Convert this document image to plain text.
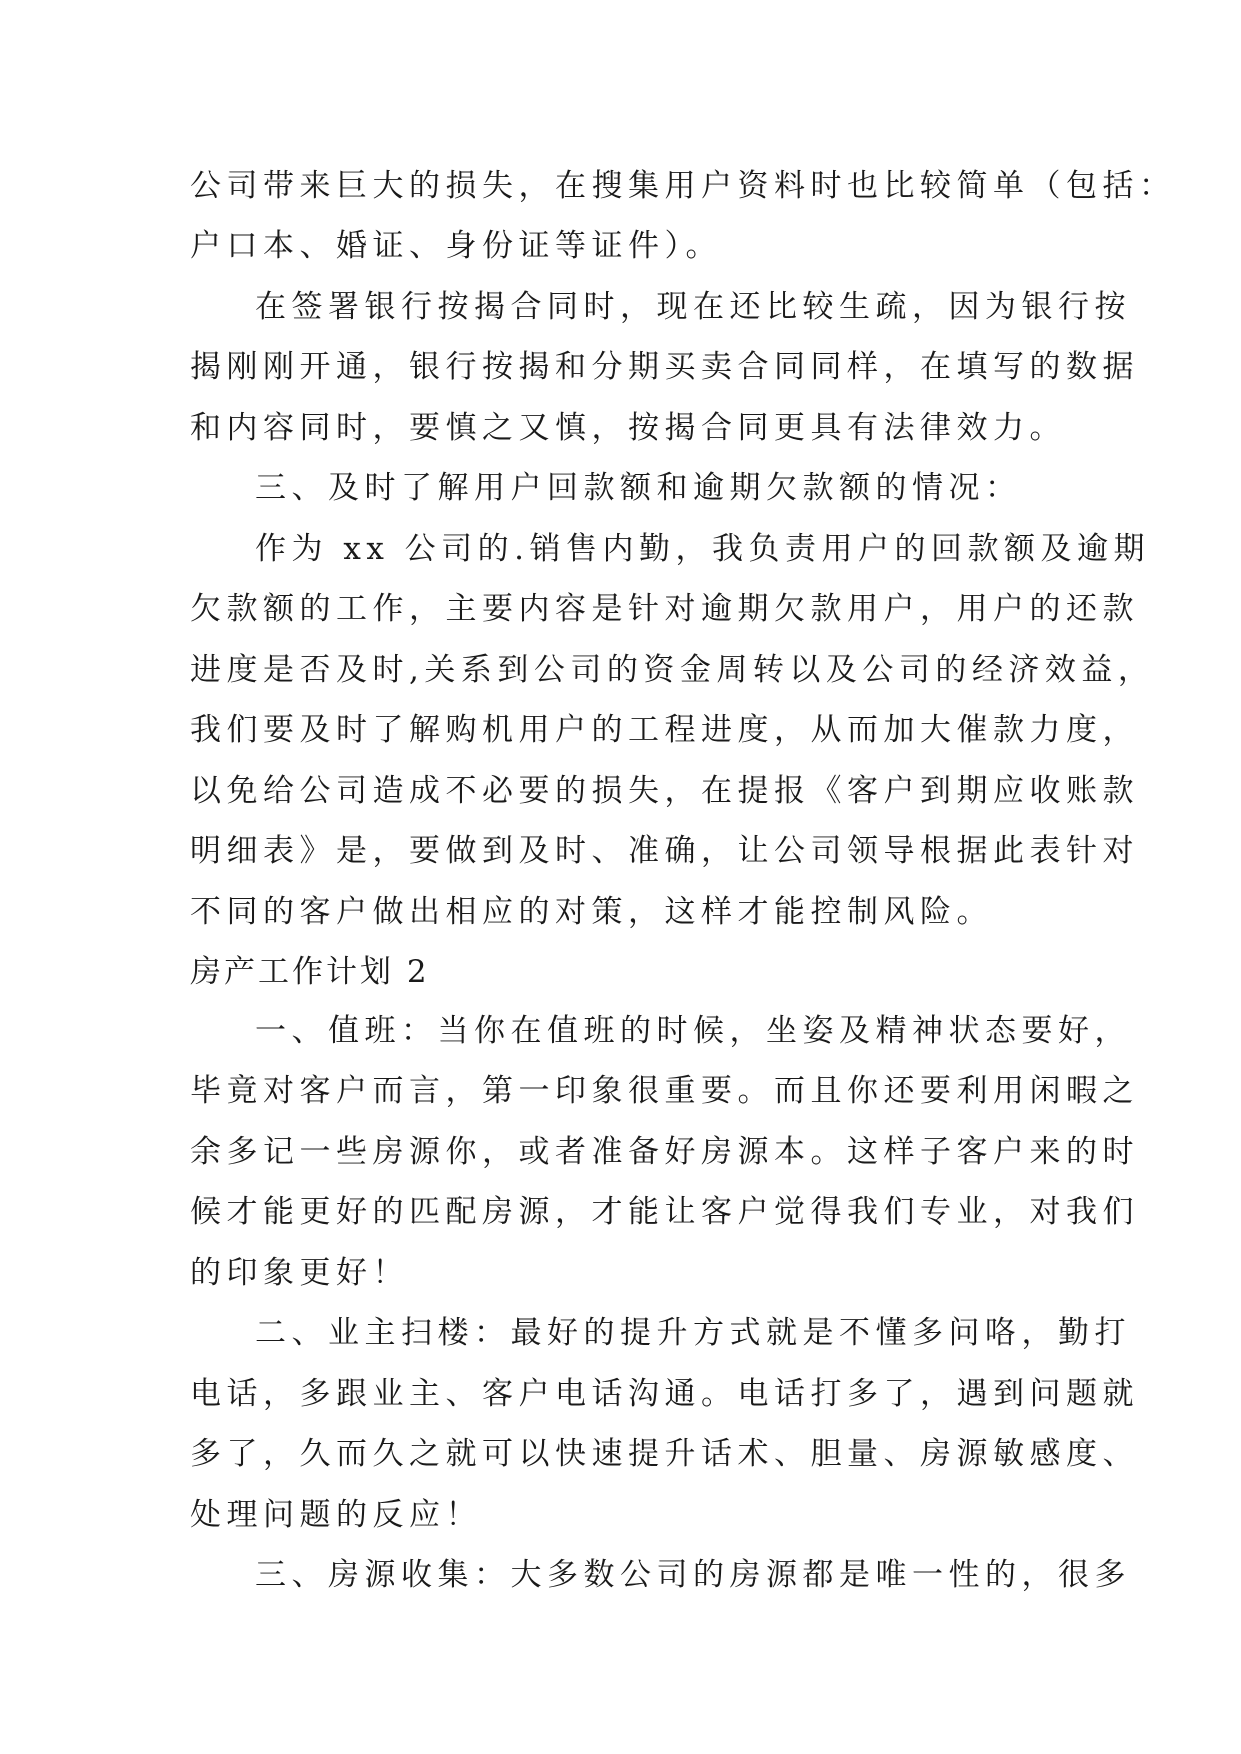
公司带来巨大的损失，在搜集用户资料时也比较简单（包括：
户口本、婚证、身份证等证件）。
在签署银行按揭合同时，现在还比较生疏，因为银行按
揭刚刚开通，银行按揭和分期买卖合同同样，在填写的数据
和内容同时，要慎之又慎，按揭合同更具有法律效力。
三、及时了解用户回款额和逾期欠款额的情况：
作为 xx 公司的.销售内勤，我负责用户的回款额及逾期
欠款额的工作，主要内容是针对逾期欠款用户，用户的还款
进度是否及时,关系到公司的资金周转以及公司的经济效益，
我们要及时了解购机用户的工程进度，从而加大催款力度，
以免给公司造成不必要的损失，在提报《客户到期应收账款
明细表》是，要做到及时、准确，让公司领导根据此表针对
不同的客户做出相应的对策，这样才能控制风险。
房产工作计划 2
一、值班：当你在值班的时候，坐姿及精神状态要好，
毕竟对客户而言，第一印象很重要。而且你还要利用闲暇之
余多记一些房源你，或者准备好房源本。这样子客户来的时
候才能更好的匹配房源，才能让客户觉得我们专业，对我们
的印象更好！
二、业主扫楼：最好的提升方式就是不懂多问咯，勤打
电话，多跟业主、客户电话沟通。电话打多了，遇到问题就
多了，久而久之就可以快速提升话术、胆量、房源敏感度、
处理问题的反应！
三、房源收集：大多数公司的房源都是唯一性的，很多
